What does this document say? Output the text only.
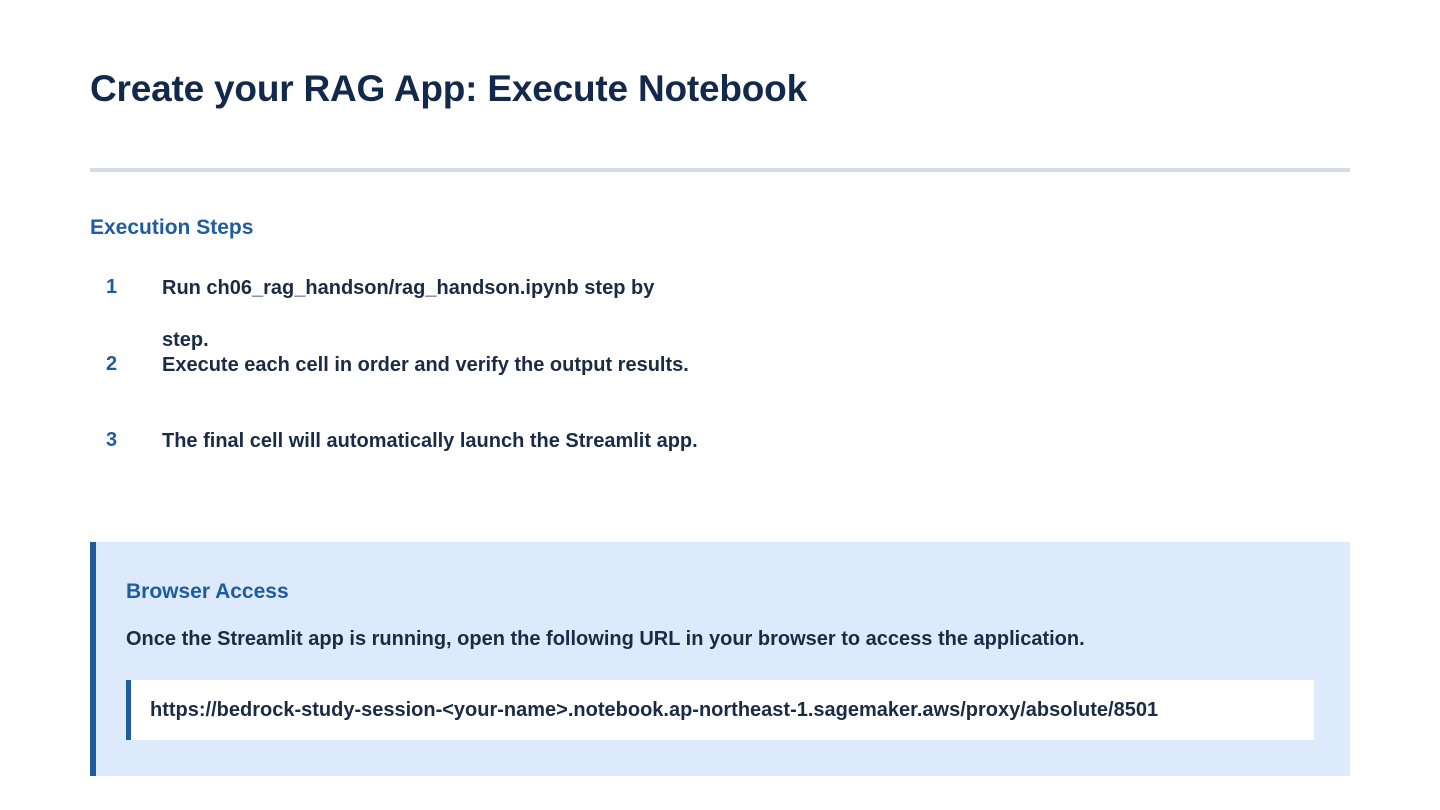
Create your RAG App: Execute Notebook
Execution Steps
1 Run ch06_rag_handson/rag_handson.ipynb step by step.
2 Execute each cell in order and verify the output results.
3 The final cell will automatically launch the Streamlit app.
Browser Access

Once the Streamlit app is running, open the following URL in your browser to access the application.

https://bedrock-study-session-<your-name>.notebook.ap-northeast-1.sagemaker.aws/proxy/absolute/8501
